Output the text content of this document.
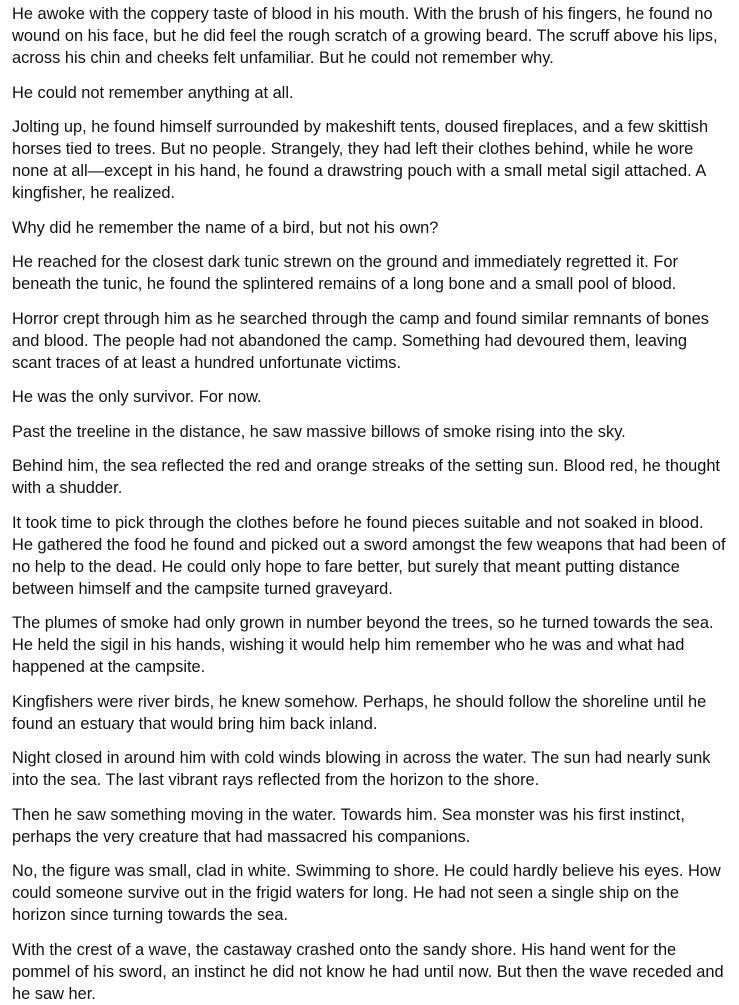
He awoke with the coppery taste of blood in his mouth. With the brush of his fingers, he found no wound on his face, but he did feel the rough scratch of a growing beard. The scruff above his lips, across his chin and cheeks felt unfamiliar. But he could not remember why.

He could not remember anything at all.

Jolting up, he found himself surrounded by makeshift tents, doused fireplaces, and a few skittish horses tied to trees. But no people. Strangely, they had left their clothes behind, while he wore none at all—except in his hand, he found a drawstring pouch with a small metal sigil attached. A kingfisher, he realized.

Why did he remember the name of a bird, but not his own?

He reached for the closest dark tunic strewn on the ground and immediately regretted it. For beneath the tunic, he found the splintered remains of a long bone and a small pool of blood.

Horror crept through him as he searched through the camp and found similar remnants of bones and blood. The people had not abandoned the camp. Something had devoured them, leaving scant traces of at least a hundred unfortunate victims.

He was the only survivor. For now.

Past the treeline in the distance, he saw massive billows of smoke rising into the sky.

Behind him, the sea reflected the red and orange streaks of the setting sun. Blood red, he thought with a shudder.

It took time to pick through the clothes before he found pieces suitable and not soaked in blood. He gathered the food he found and picked out a sword amongst the few weapons that had been of no help to the dead. He could only hope to fare better, but surely that meant putting distance between himself and the campsite turned graveyard.

The plumes of smoke had only grown in number beyond the trees, so he turned towards the sea. He held the sigil in his hands, wishing it would help him remember who he was and what had happened at the campsite.

Kingfishers were river birds, he knew somehow. Perhaps, he should follow the shoreline until he found an estuary that would bring him back inland.

Night closed in around him with cold winds blowing in across the water. The sun had nearly sunk into the sea. The last vibrant rays reflected from the horizon to the shore.

Then he saw something moving in the water. Towards him. Sea monster was his first instinct, perhaps the very creature that had massacred his companions.

No, the figure was small, clad in white. Swimming to shore. He could hardly believe his eyes. How could someone survive out in the frigid waters for long. He had not seen a single ship on the horizon since turning towards the sea.

With the crest of a wave, the castaway crashed onto the sandy shore. His hand went for the pommel of his sword, an instinct he did not know he had until now. But then the wave receded and he saw her.
